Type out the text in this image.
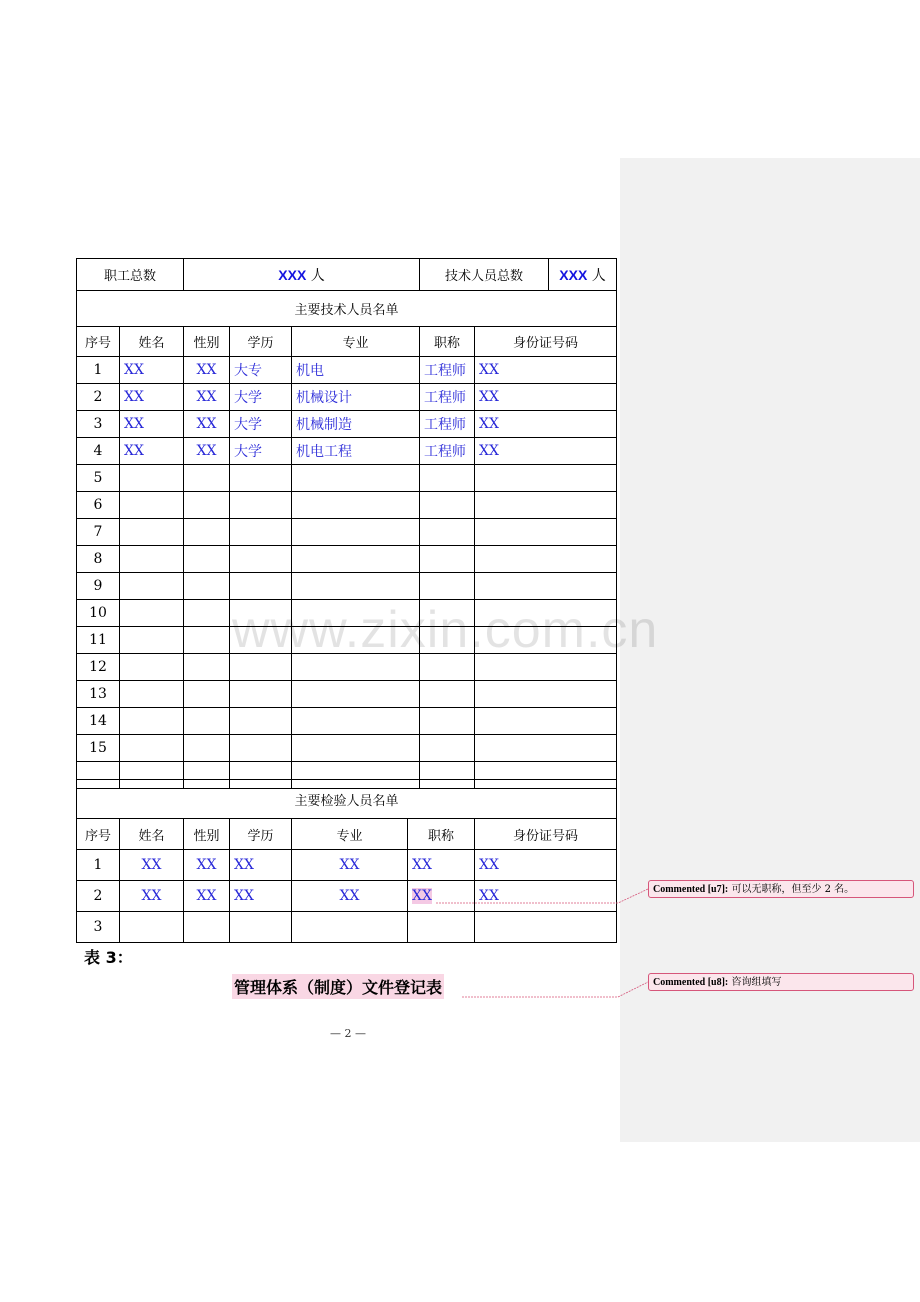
职工总数		XXX 人			技术人员总数 XXX
人	

主要技术人员名单						
序号	姓名	性别	学历	专业	职称	身份证号码
1	XX	XX	大专	机电	工程师	XX
2	XX	XX	大学	机械设计	工程师	XX
3	XX	XX	大学	机械制造	工程师	XX
4	XX	XX	大学	机电工程	工程师	XX
5						
6						
7						
8						
9						
10						
11						
12						
13						
14						
15						

主要检验人员名单						
序号	姓名	性别	学历	专业	职称	身份证号码
1	XX	XX	XX	XX	XX	XX
2	XX	XX	XX	XX	XX	XX
3						
表 3：
管理体系（制度）文件登记表
— 2 —
www.zixin.com.cn
Commented [u7]: 可以无职称，但至少 2 名。
Commented [u8]: 咨询组填写
